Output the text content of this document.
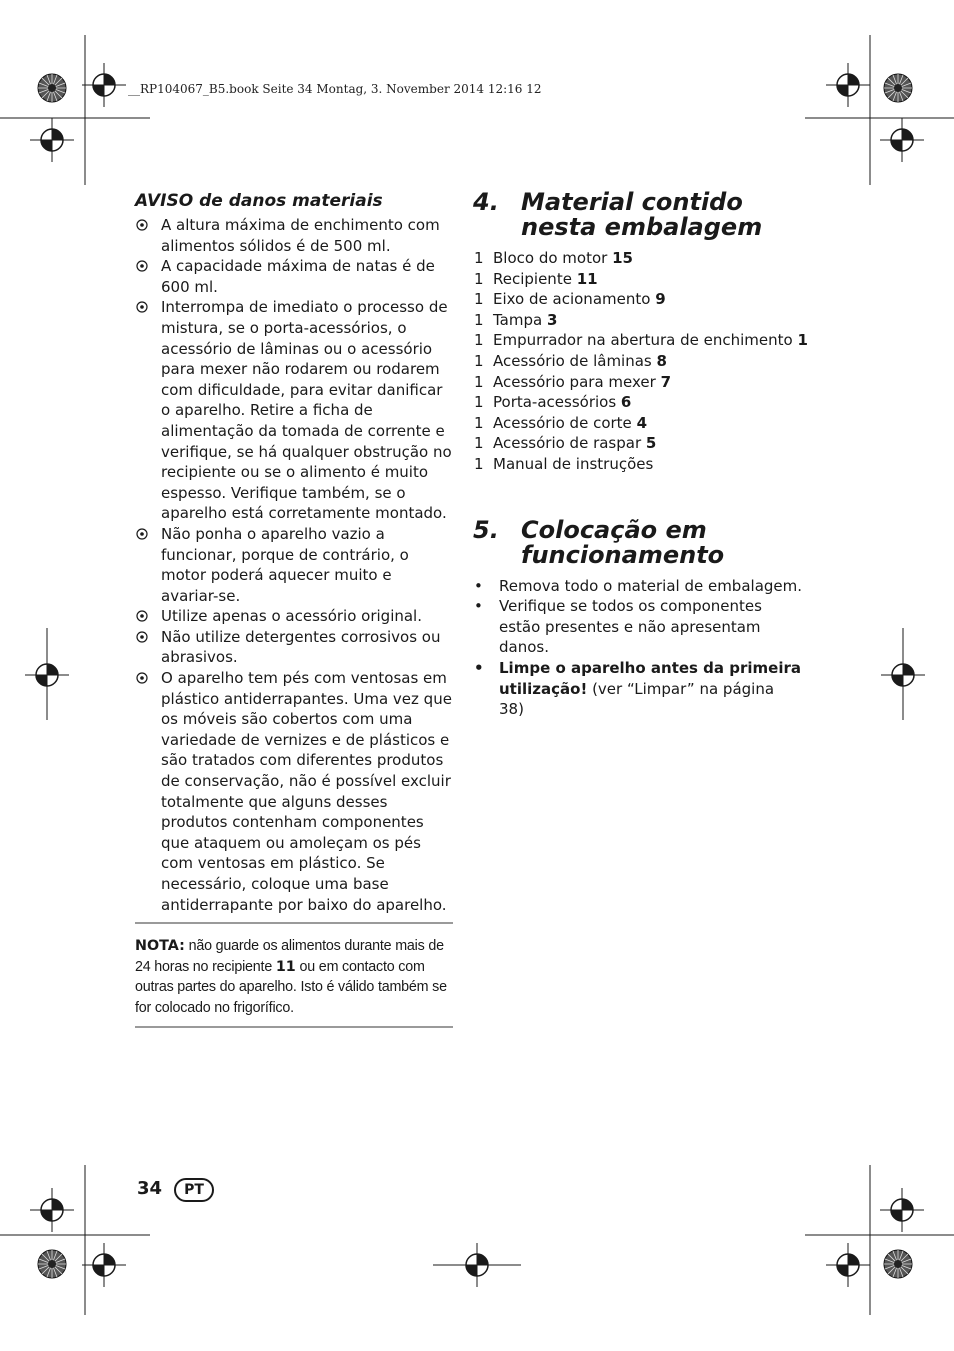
__RP104067_B5.book Seite 34 Montag, 3. November 2014 12:16 12
AVISO de danos materiais
A altura máxima de enchimento com alimentos sólidos é de 500 ml.
A capacidade máxima de natas é de 600 ml.
Interrompa de imediato o processo de mistura, se o porta-acessórios, o acessório de lâminas ou o acessório para mexer não rodarem ou rodarem com dificuldade, para evitar danificar o aparelho. Retire a ficha de alimentação da tomada de corrente e verifique, se há qualquer obstrução no recipiente ou se o alimento é muito espesso. Verifique também, se o aparelho está corretamente montado.
Não ponha o aparelho vazio a funcionar, porque de contrário, o motor poderá aquecer muito e avariar-se.
Utilize apenas o acessório original.
Não utilize detergentes corrosivos ou abrasivos.
O aparelho tem pés com ventosas em plástico antiderrapantes. Uma vez que os móveis são cobertos com uma variedade de vernizes e de plásticos e são tratados com diferentes produtos de conservação, não é possível excluir totalmente que alguns desses produtos contenham componentes que ataquem ou amoleçam os pés com ventosas em plástico. Se necessário, coloque uma base antiderrapante por baixo do aparelho.

NOTA: não guarde os alimentos durante mais de 24 horas no recipiente 11 ou em contacto com outras partes do aparelho. Isto é válido também se for colocado no frigorífico.

4. Material contido nesta embalagem
1 Bloco do motor 15
1 Recipiente 11
1 Eixo de acionamento 9
1 Tampa 3
1 Empurrador na abertura de enchimento 1
1 Acessório de lâminas 8
1 Acessório para mexer 7
1 Porta-acessórios 6
1 Acessório de corte 4
1 Acessório de raspar 5
1 Manual de instruções
5. Colocação em funcionamento
• Remova todo o material de embalagem.
• Verifique se todos os componentes estão presentes e não apresentam danos.
• Limpe o aparelho antes da primeira utilização! (ver “Limpar” na página 38)
34	PT
